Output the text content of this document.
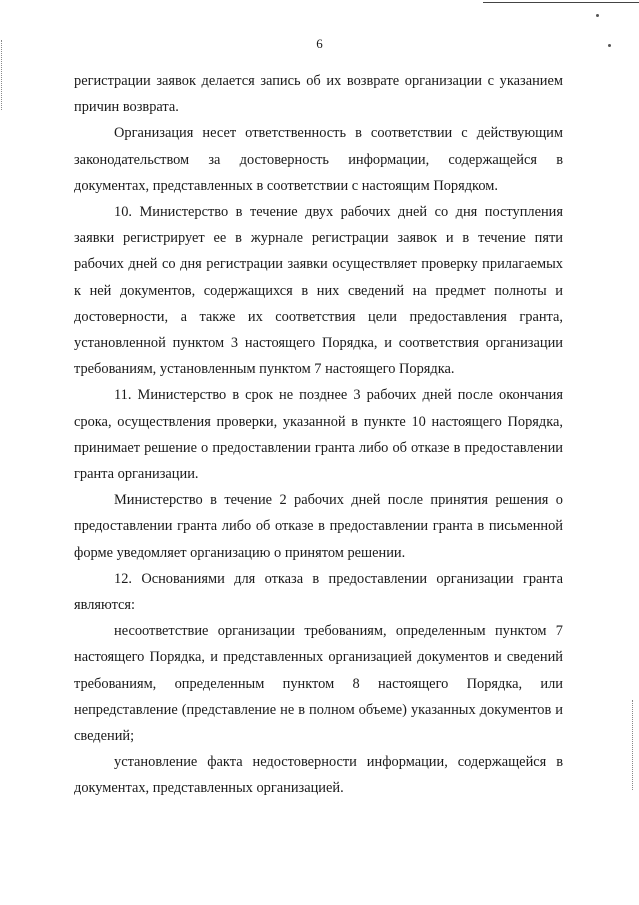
6

регистрации заявок делается запись об их возврате организации с указанием причин возврата.

Организация несет ответственность в соответствии с действующим законодательством за достоверность информации, содержащейся в документах, представленных в соответствии с настоящим Порядком.

10. Министерство в течение двух рабочих дней со дня поступления заявки регистрирует ее в журнале регистрации заявок и в течение пяти рабочих дней со дня регистрации заявки осуществляет проверку прилагаемых к ней документов, содержащихся в них сведений на предмет полноты и достоверности, а также их соответствия цели предоставления гранта, установленной пунктом 3 настоящего Порядка, и соответствия организации требованиям, установленным пунктом 7 настоящего Порядка.

11. Министерство в срок не позднее 3 рабочих дней после окончания срока, осуществления проверки, указанной в пункте 10 настоящего Порядка, принимает решение о предоставлении гранта либо об отказе в предоставлении гранта организации.

Министерство в течение 2 рабочих дней после принятия решения о предоставлении гранта либо об отказе в предоставлении гранта в письменной форме уведомляет организацию о принятом решении.

12. Основаниями для отказа в предоставлении организации гранта являются:

несоответствие организации требованиям, определенным пунктом 7 настоящего Порядка, и представленных организацией документов и сведений требованиям, определенным пунктом 8 настоящего Порядка, или непредставление (представление не в полном объеме) указанных документов и сведений;

установление факта недостоверности информации, содержащейся в документах, представленных организацией.
